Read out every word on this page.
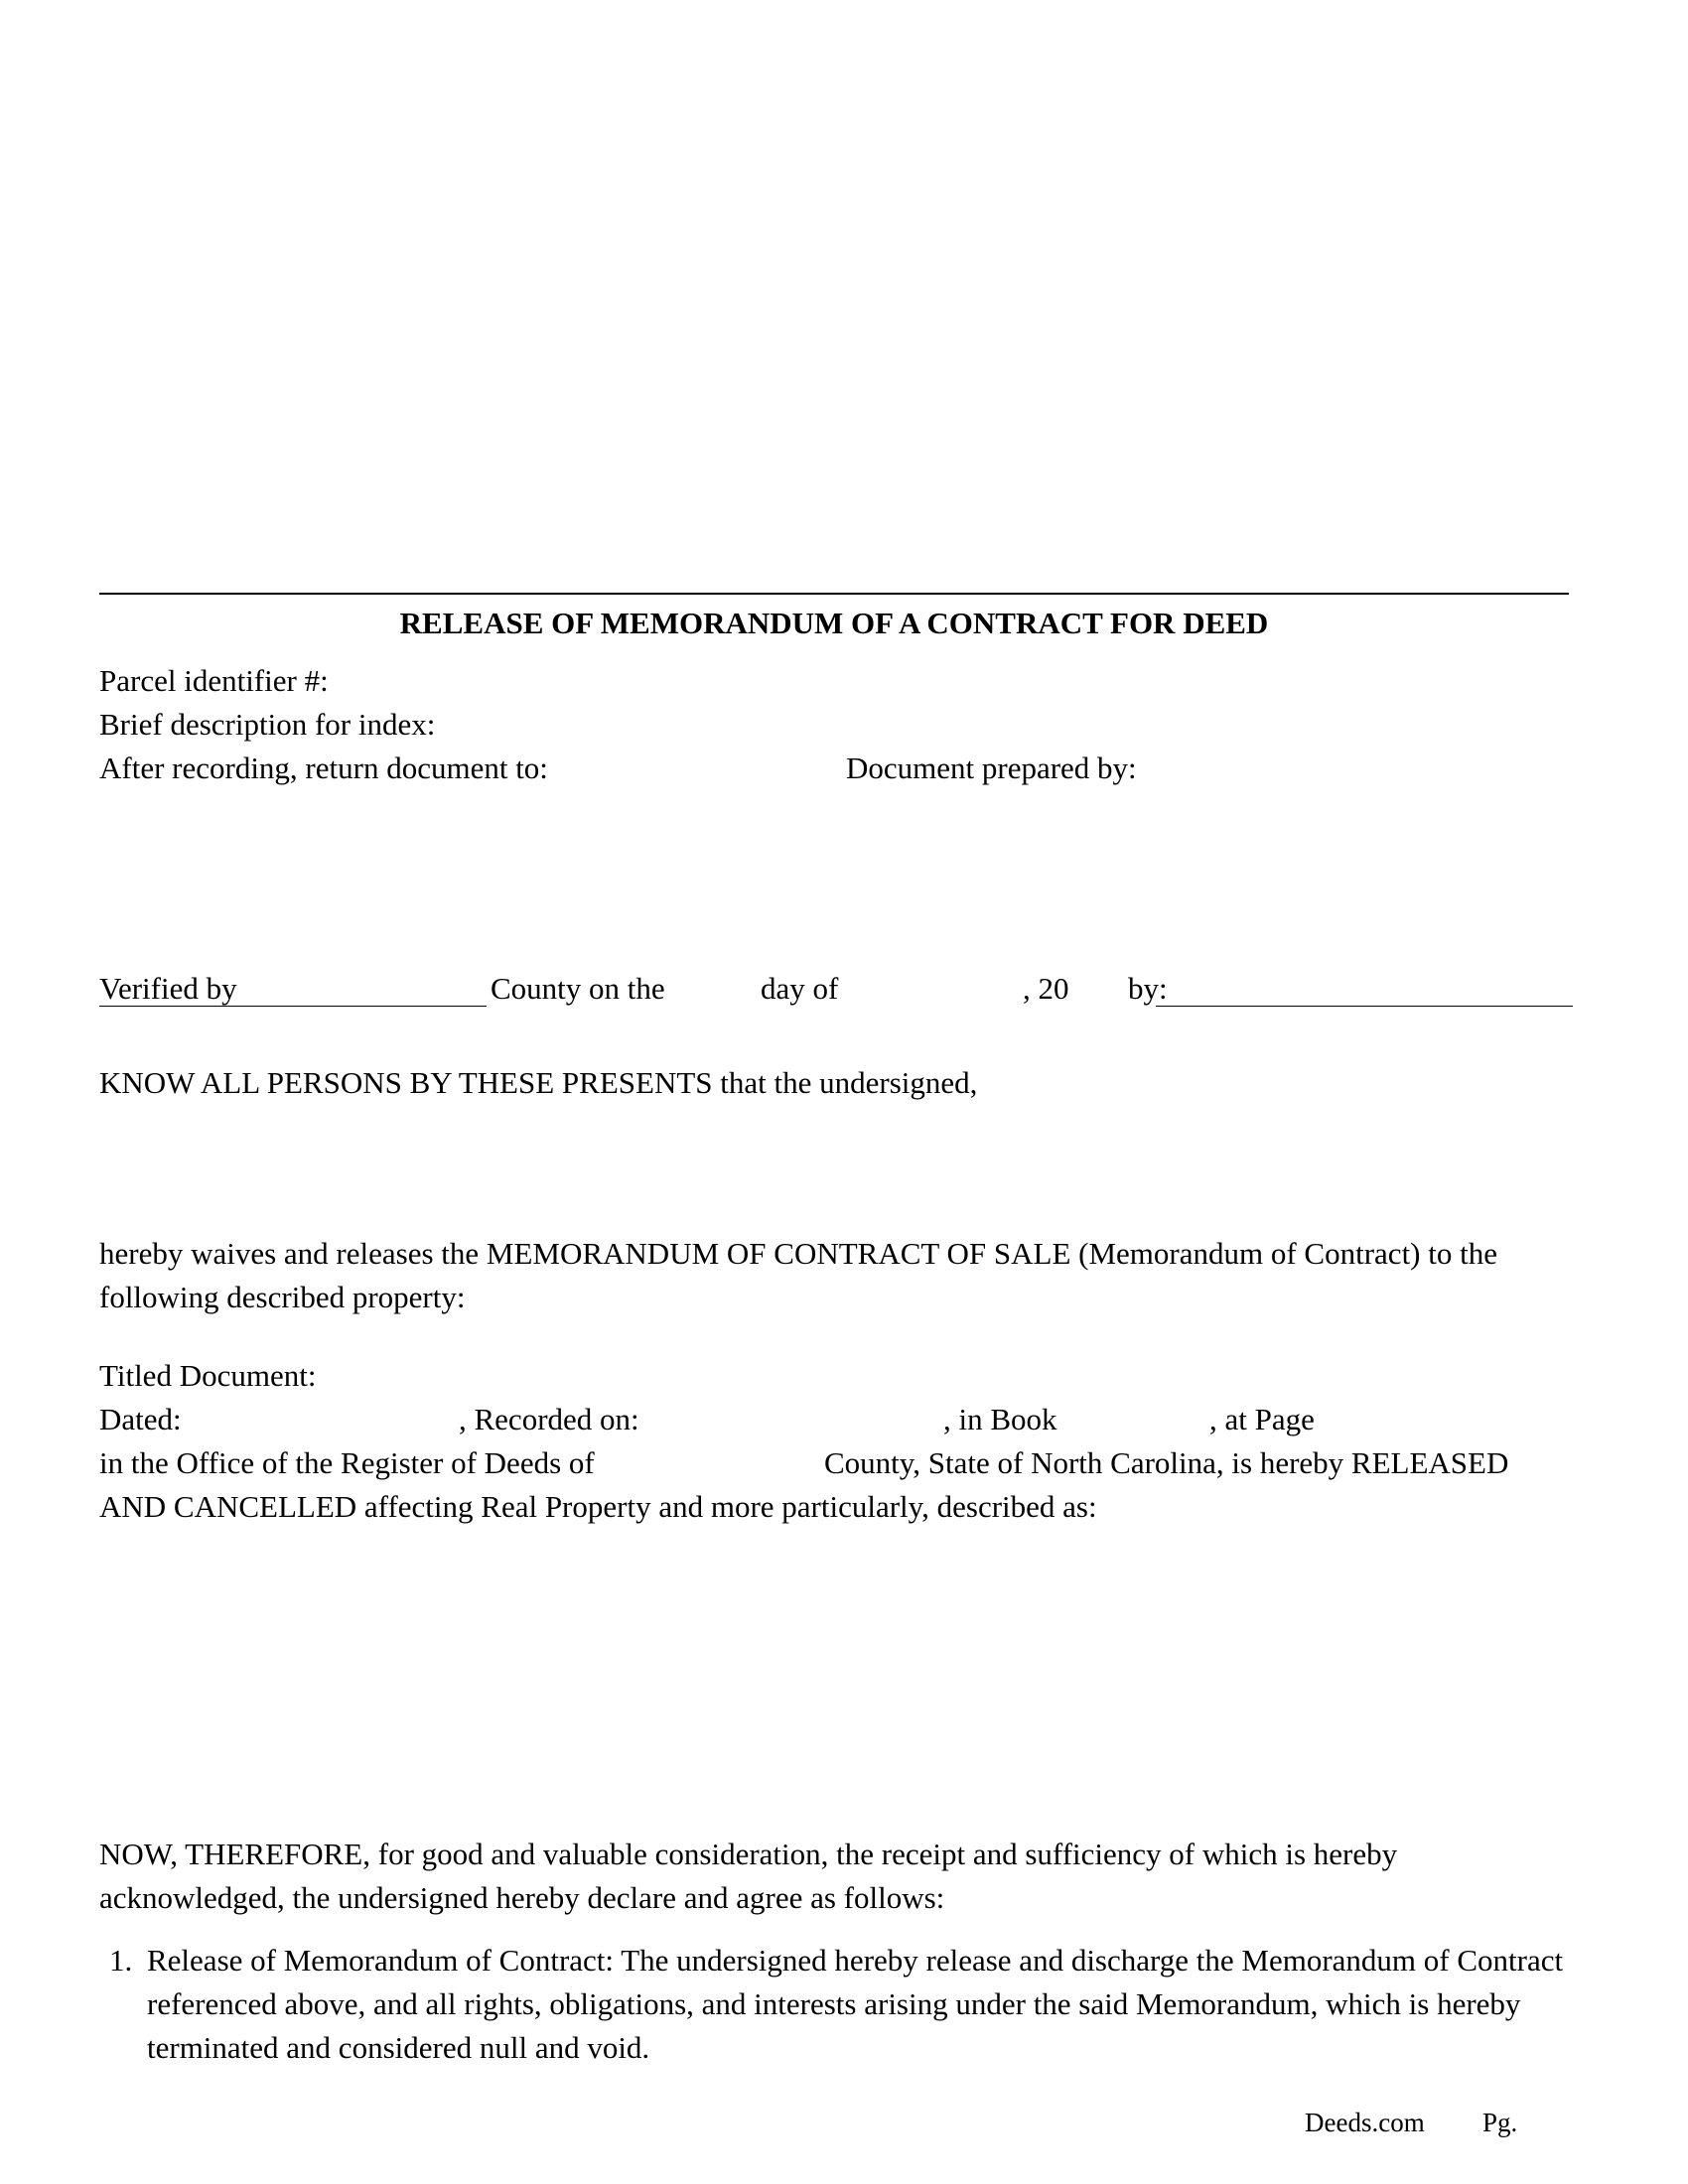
RELEASE OF MEMORANDUM OF A CONTRACT FOR DEED
Parcel identifier #:
Brief description for index:
After recording, return document to:	Document prepared by:
Verified by	County on the	day of	, 20 by:
KNOW ALL PERSONS BY THESE PRESENTS that the undersigned,
hereby waives and releases the MEMORANDUM OF CONTRACT OF SALE (Memorandum of Contract) to the following described property:
Titled Document:
Dated:	, Recorded on:	, in Book	, at Page
in the Office of the Register of Deeds of	County, State of North Carolina, is hereby RELEASED
AND CANCELLED affecting Real Property and more particularly, described as:
NOW, THEREFORE, for good and valuable consideration, the receipt and sufficiency of which is hereby acknowledged, the undersigned hereby declare and agree as follows:
1. Release of Memorandum of Contract: The undersigned hereby release and discharge the Memorandum of Contract referenced above, and all rights, obligations, and interests arising under the said Memorandum, which is hereby terminated and considered null and void.
Deeds.com Pg.
